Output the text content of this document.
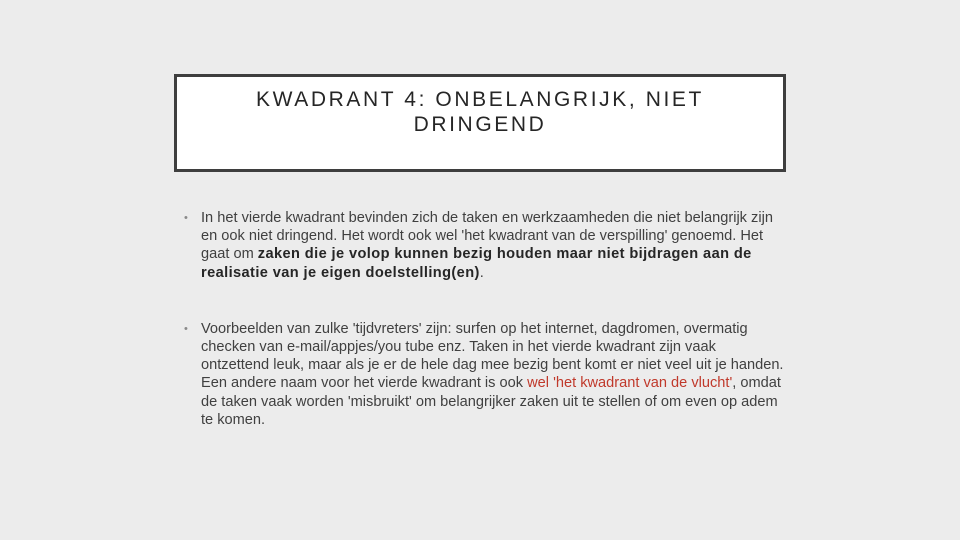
KWADRANT 4: ONBELANGRIJK, NIET
DRINGEND
• In het vierde kwadrant bevinden zich de taken en werkzaamheden die niet belangrijk zijn en ook niet dringend. Het wordt ook wel 'het kwadrant van de verspilling' genoemd. Het gaat om zaken die je volop kunnen bezig houden maar niet bijdragen aan de realisatie van je eigen doelstelling(en).
• Voorbeelden van zulke 'tijdvreters' zijn: surfen op het internet, dagdromen, overmatig checken van e-mail/appjes/you tube enz. Taken in het vierde kwadrant zijn vaak ontzettend leuk, maar als je er de hele dag mee bezig bent komt er niet veel uit je handen. Een andere naam voor het vierde kwadrant is ook wel 'het kwadrant van de vlucht', omdat de taken vaak worden 'misbruikt' om belangrijker zaken uit te stellen of om even op adem te komen.
